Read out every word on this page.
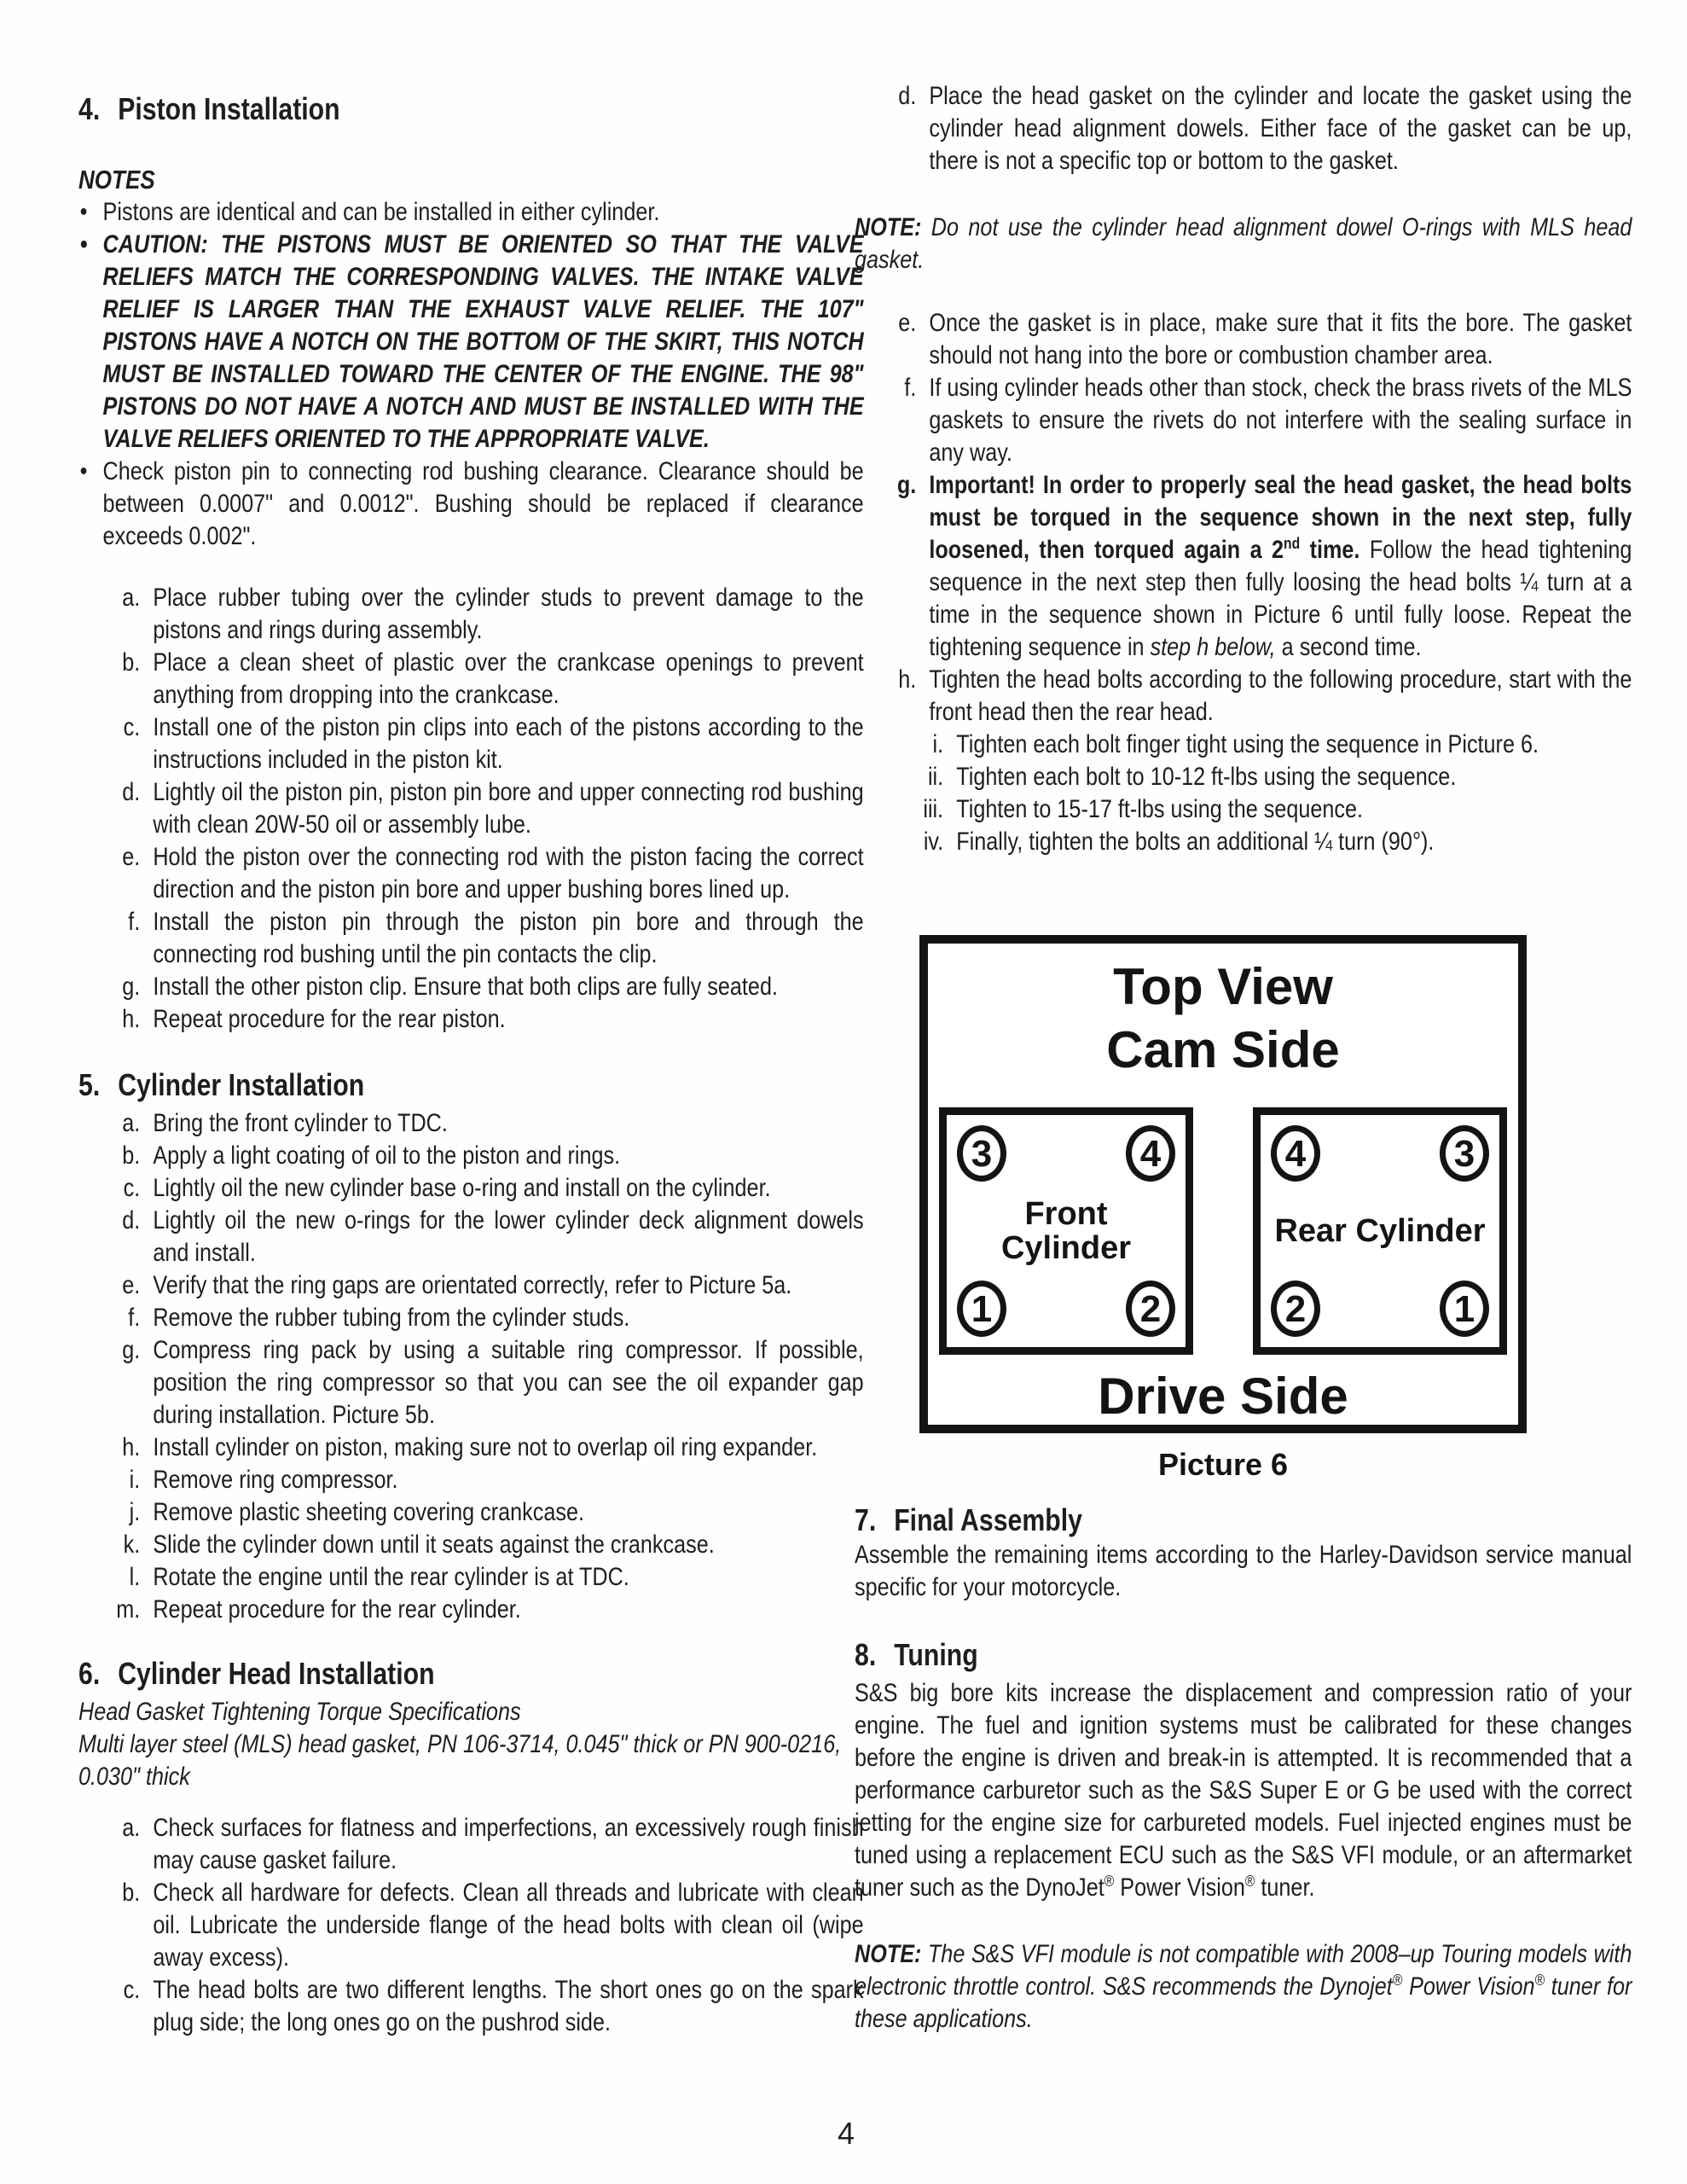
4. Piston Installation
NOTES
• Pistons are identical and can be installed in either cylinder.
• CAUTION: THE PISTONS MUST BE ORIENTED SO THAT THE VALVE RELIEFS MATCH THE CORRESPONDING VALVES. THE INTAKE VALVE RELIEF IS LARGER THAN THE EXHAUST VALVE RELIEF. THE 107" PISTONS HAVE A NOTCH ON THE BOTTOM OF THE SKIRT, THIS NOTCH MUST BE INSTALLED TOWARD THE CENTER OF THE ENGINE. THE 98" PISTONS DO NOT HAVE A NOTCH AND MUST BE INSTALLED WITH THE VALVE RELIEFS ORIENTED TO THE APPROPRIATE VALVE.
• Check piston pin to connecting rod bushing clearance. Clearance should be between 0.0007" and 0.0012". Bushing should be replaced if clearance exceeds 0.002".
a. Place rubber tubing over the cylinder studs to prevent damage to the pistons and rings during assembly.
b. Place a clean sheet of plastic over the crankcase openings to prevent anything from dropping into the crankcase.
c. Install one of the piston pin clips into each of the pistons according to the instructions included in the piston kit.
d. Lightly oil the piston pin, piston pin bore and upper connecting rod bushing with clean 20W-50 oil or assembly lube.
e. Hold the piston over the connecting rod with the piston facing the correct direction and the piston pin bore and upper bushing bores lined up.
f. Install the piston pin through the piston pin bore and through the connecting rod bushing until the pin contacts the clip.
g. Install the other piston clip. Ensure that both clips are fully seated.
h. Repeat procedure for the rear piston.
5. Cylinder Installation
a. Bring the front cylinder to TDC.
b. Apply a light coating of oil to the piston and rings.
c. Lightly oil the new cylinder base o-ring and install on the cylinder.
d. Lightly oil the new o-rings for the lower cylinder deck alignment dowels and install.
e. Verify that the ring gaps are orientated correctly, refer to Picture 5a.
f. Remove the rubber tubing from the cylinder studs.
g. Compress ring pack by using a suitable ring compressor. If possible, position the ring compressor so that you can see the oil expander gap during installation. Picture 5b.
h. Install cylinder on piston, making sure not to overlap oil ring expander.
i. Remove ring compressor.
j. Remove plastic sheeting covering crankcase.
k. Slide the cylinder down until it seats against the crankcase.
l. Rotate the engine until the rear cylinder is at TDC.
m. Repeat procedure for the rear cylinder.
6. Cylinder Head Installation
Head Gasket Tightening Torque Specifications
Multi layer steel (MLS) head gasket, PN 106-3714, 0.045" thick or PN 900-0216, 0.030" thick
a. Check surfaces for flatness and imperfections, an excessively rough finish may cause gasket failure.
b. Check all hardware for defects. Clean all threads and lubricate with clean oil. Lubricate the underside flange of the head bolts with clean oil (wipe away excess).
c. The head bolts are two different lengths. The short ones go on the spark plug side; the long ones go on the pushrod side.
d. Place the head gasket on the cylinder and locate the gasket using the cylinder head alignment dowels. Either face of the gasket can be up, there is not a specific top or bottom to the gasket.
NOTE: Do not use the cylinder head alignment dowel O-rings with MLS head gasket.
e. Once the gasket is in place, make sure that it fits the bore. The gasket should not hang into the bore or combustion chamber area.
f. If using cylinder heads other than stock, check the brass rivets of the MLS gaskets to ensure the rivets do not interfere with the sealing surface in any way.
g. Important! In order to properly seal the head gasket, the head bolts must be torqued in the sequence shown in the next step, fully loosened, then torqued again a 2nd time. Follow the head tightening sequence in the next step then fully loosing the head bolts ¼ turn at a time in the sequence shown in Picture 6 until fully loose. Repeat the tightening sequence in step h below, a second time.
h. Tighten the head bolts according to the following procedure, start with the front head then the rear head.
i. Tighten each bolt finger tight using the sequence in Picture 6.
ii. Tighten each bolt to 10-12 ft-lbs using the sequence.
iii. Tighten to 15-17 ft-lbs using the sequence.
iv. Finally, tighten the bolts an additional ¼ turn (90°).
Top View
Cam Side
3	4
Front Cylinder
1	2
4	3
Rear Cylinder
2	1
Drive Side
Picture 6
7. Final Assembly
Assemble the remaining items according to the Harley-Davidson service manual specific for your motorcycle.
8. Tuning
S&S big bore kits increase the displacement and compression ratio of your engine. The fuel and ignition systems must be calibrated for these changes before the engine is driven and break-in is attempted. It is recommended that a performance carburetor such as the S&S Super E or G be used with the correct jetting for the engine size for carbureted models. Fuel injected engines must be tuned using a replacement ECU such as the S&S VFI module, or an aftermarket tuner such as the DynoJet® Power Vision® tuner.
NOTE: The S&S VFI module is not compatible with 2008–up Touring models with electronic throttle control. S&S recommends the Dynojet® Power Vision® tuner for these applications.
4
